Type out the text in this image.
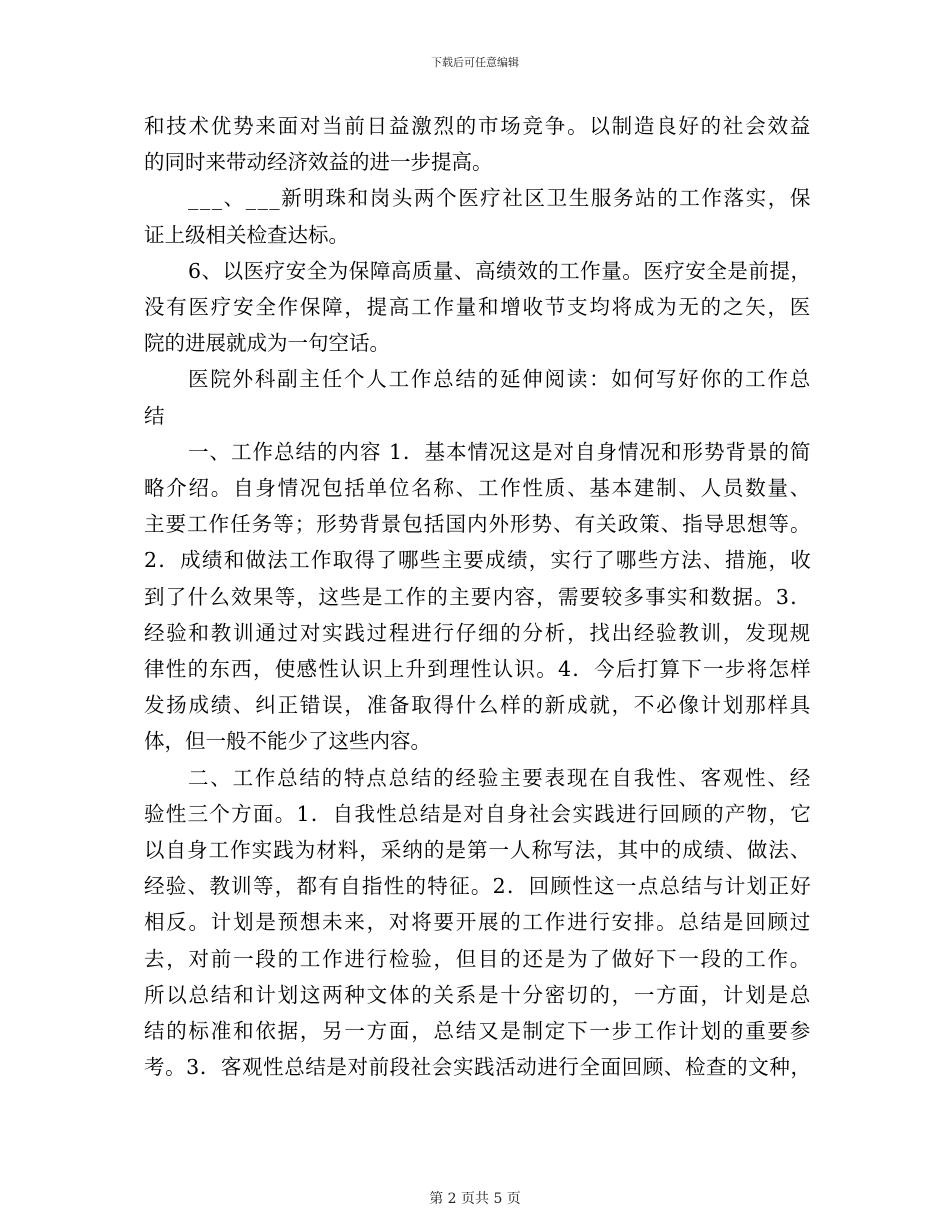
下载后可任意编辑
和技术优势来面对当前日益激烈的市场竞争。以制造良好的社会效益
的同时来带动经济效益的进一步提高。
___、___新明珠和岗头两个医疗社区卫生服务站的工作落实，保
证上级相关检查达标。
6、以医疗安全为保障高质量、高绩效的工作量。医疗安全是前提，
没有医疗安全作保障，提高工作量和增收节支均将成为无的之矢，医
院的进展就成为一句空话。
医院外科副主任个人工作总结的延伸阅读：如何写好你的工作总
结
一、工作总结的内容 1．基本情况这是对自身情况和形势背景的简
略介绍。自身情况包括单位名称、工作性质、基本建制、人员数量、
主要工作任务等；形势背景包括国内外形势、有关政策、指导思想等。
2．成绩和做法工作取得了哪些主要成绩，实行了哪些方法、措施，收
到了什么效果等，这些是工作的主要内容，需要较多事实和数据。3．
经验和教训通过对实践过程进行仔细的分析，找出经验教训，发现规
律性的东西，使感性认识上升到理性认识。4．今后打算下一步将怎样
发扬成绩、纠正错误，准备取得什么样的新成就，不必像计划那样具
体，但一般不能少了这些内容。
二、工作总结的特点总结的经验主要表现在自我性、客观性、经
验性三个方面。1．自我性总结是对自身社会实践进行回顾的产物，它
以自身工作实践为材料，采纳的是第一人称写法，其中的成绩、做法、
经验、教训等，都有自指性的特征。2．回顾性这一点总结与计划正好
相反。计划是预想未来，对将要开展的工作进行安排。总结是回顾过
去，对前一段的工作进行检验，但目的还是为了做好下一段的工作。
所以总结和计划这两种文体的关系是十分密切的，一方面，计划是总
结的标准和依据，另一方面，总结又是制定下一步工作计划的重要参
考。3．客观性总结是对前段社会实践活动进行全面回顾、检查的文种，
第 2 页共 5 页
